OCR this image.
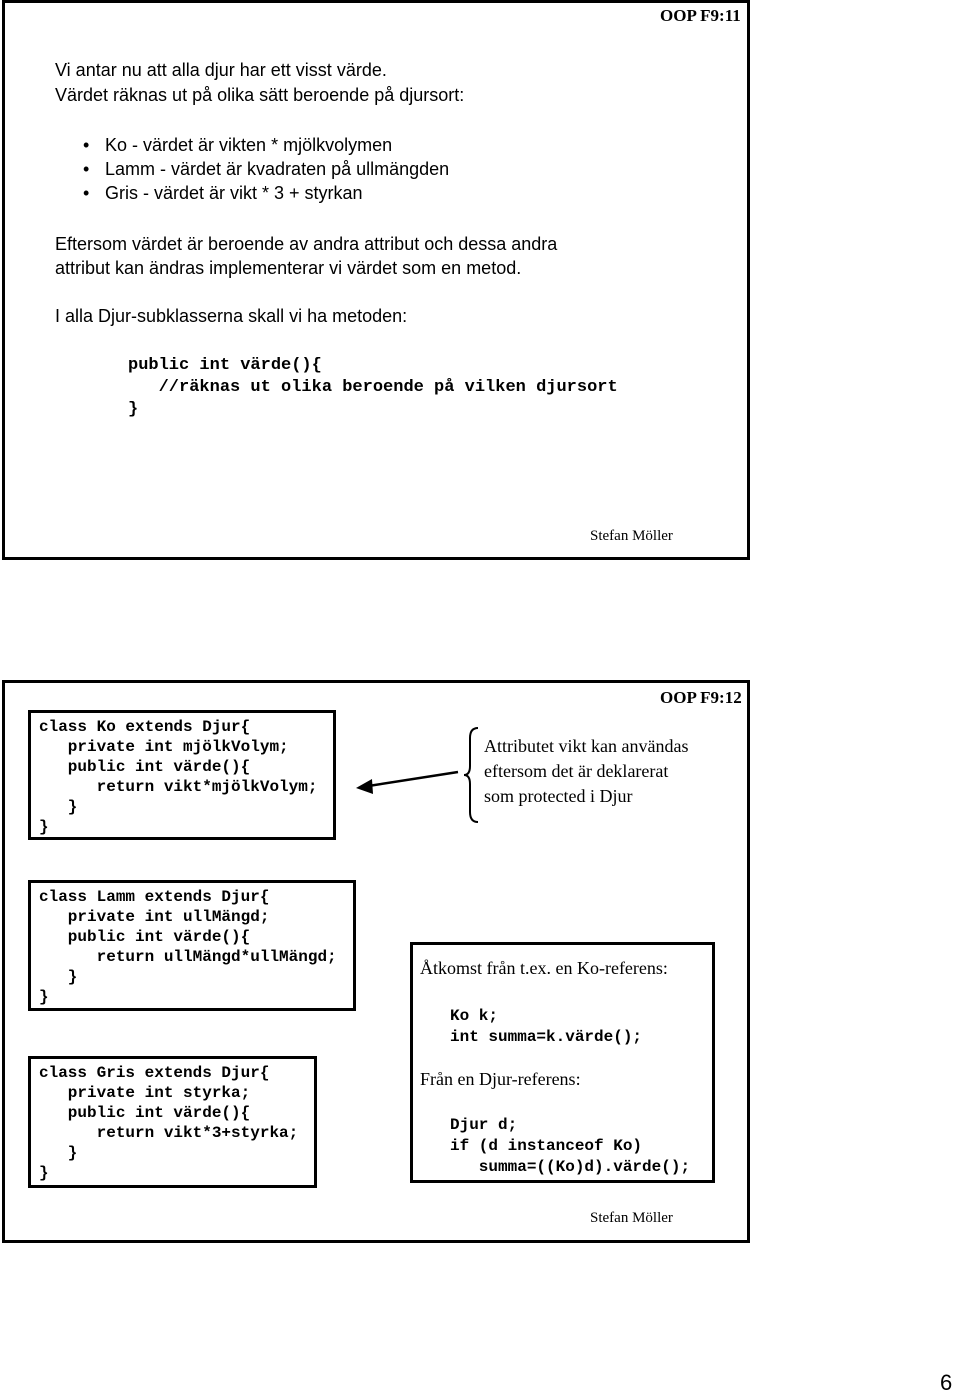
OOP F9:11
Vi antar nu att alla djur har ett visst värde.
Värdet räknas ut på olika sätt beroende på djursort:
• Ko - värdet är vikten * mjölkvolymen
• Lamm - värdet är kvadraten på ullmängden
• Gris - värdet är vikt * 3 + styrkan
Eftersom värdet är beroende av andra attribut och dessa andra
attribut kan ändras implementerar vi värdet som en metod.
I alla Djur-subklasserna skall vi ha metoden:
public int värde(){
//räknas ut olika beroende på vilken djursort
}
Stefan Möller
OOP F9:12
class Ko extends Djur{
private int mjölkVolym;
public int värde(){
return vikt*mjölkVolym;
}
}
Attributet vikt kan användas
eftersom det är deklarerat
som protected i Djur
class Lamm extends Djur{
private int ullMängd;
public int värde(){
return ullMängd*ullMängd;
}
}
class Gris extends Djur{
private int styrka;
public int värde(){
return vikt*3+styrka;
}
}
Åtkomst från t.ex. en Ko-referens:
Ko k;
int summa=k.värde();
Från en Djur-referens:
Djur d;
if (d instanceof Ko)
summa=((Ko)d).värde();
Stefan Möller
6
